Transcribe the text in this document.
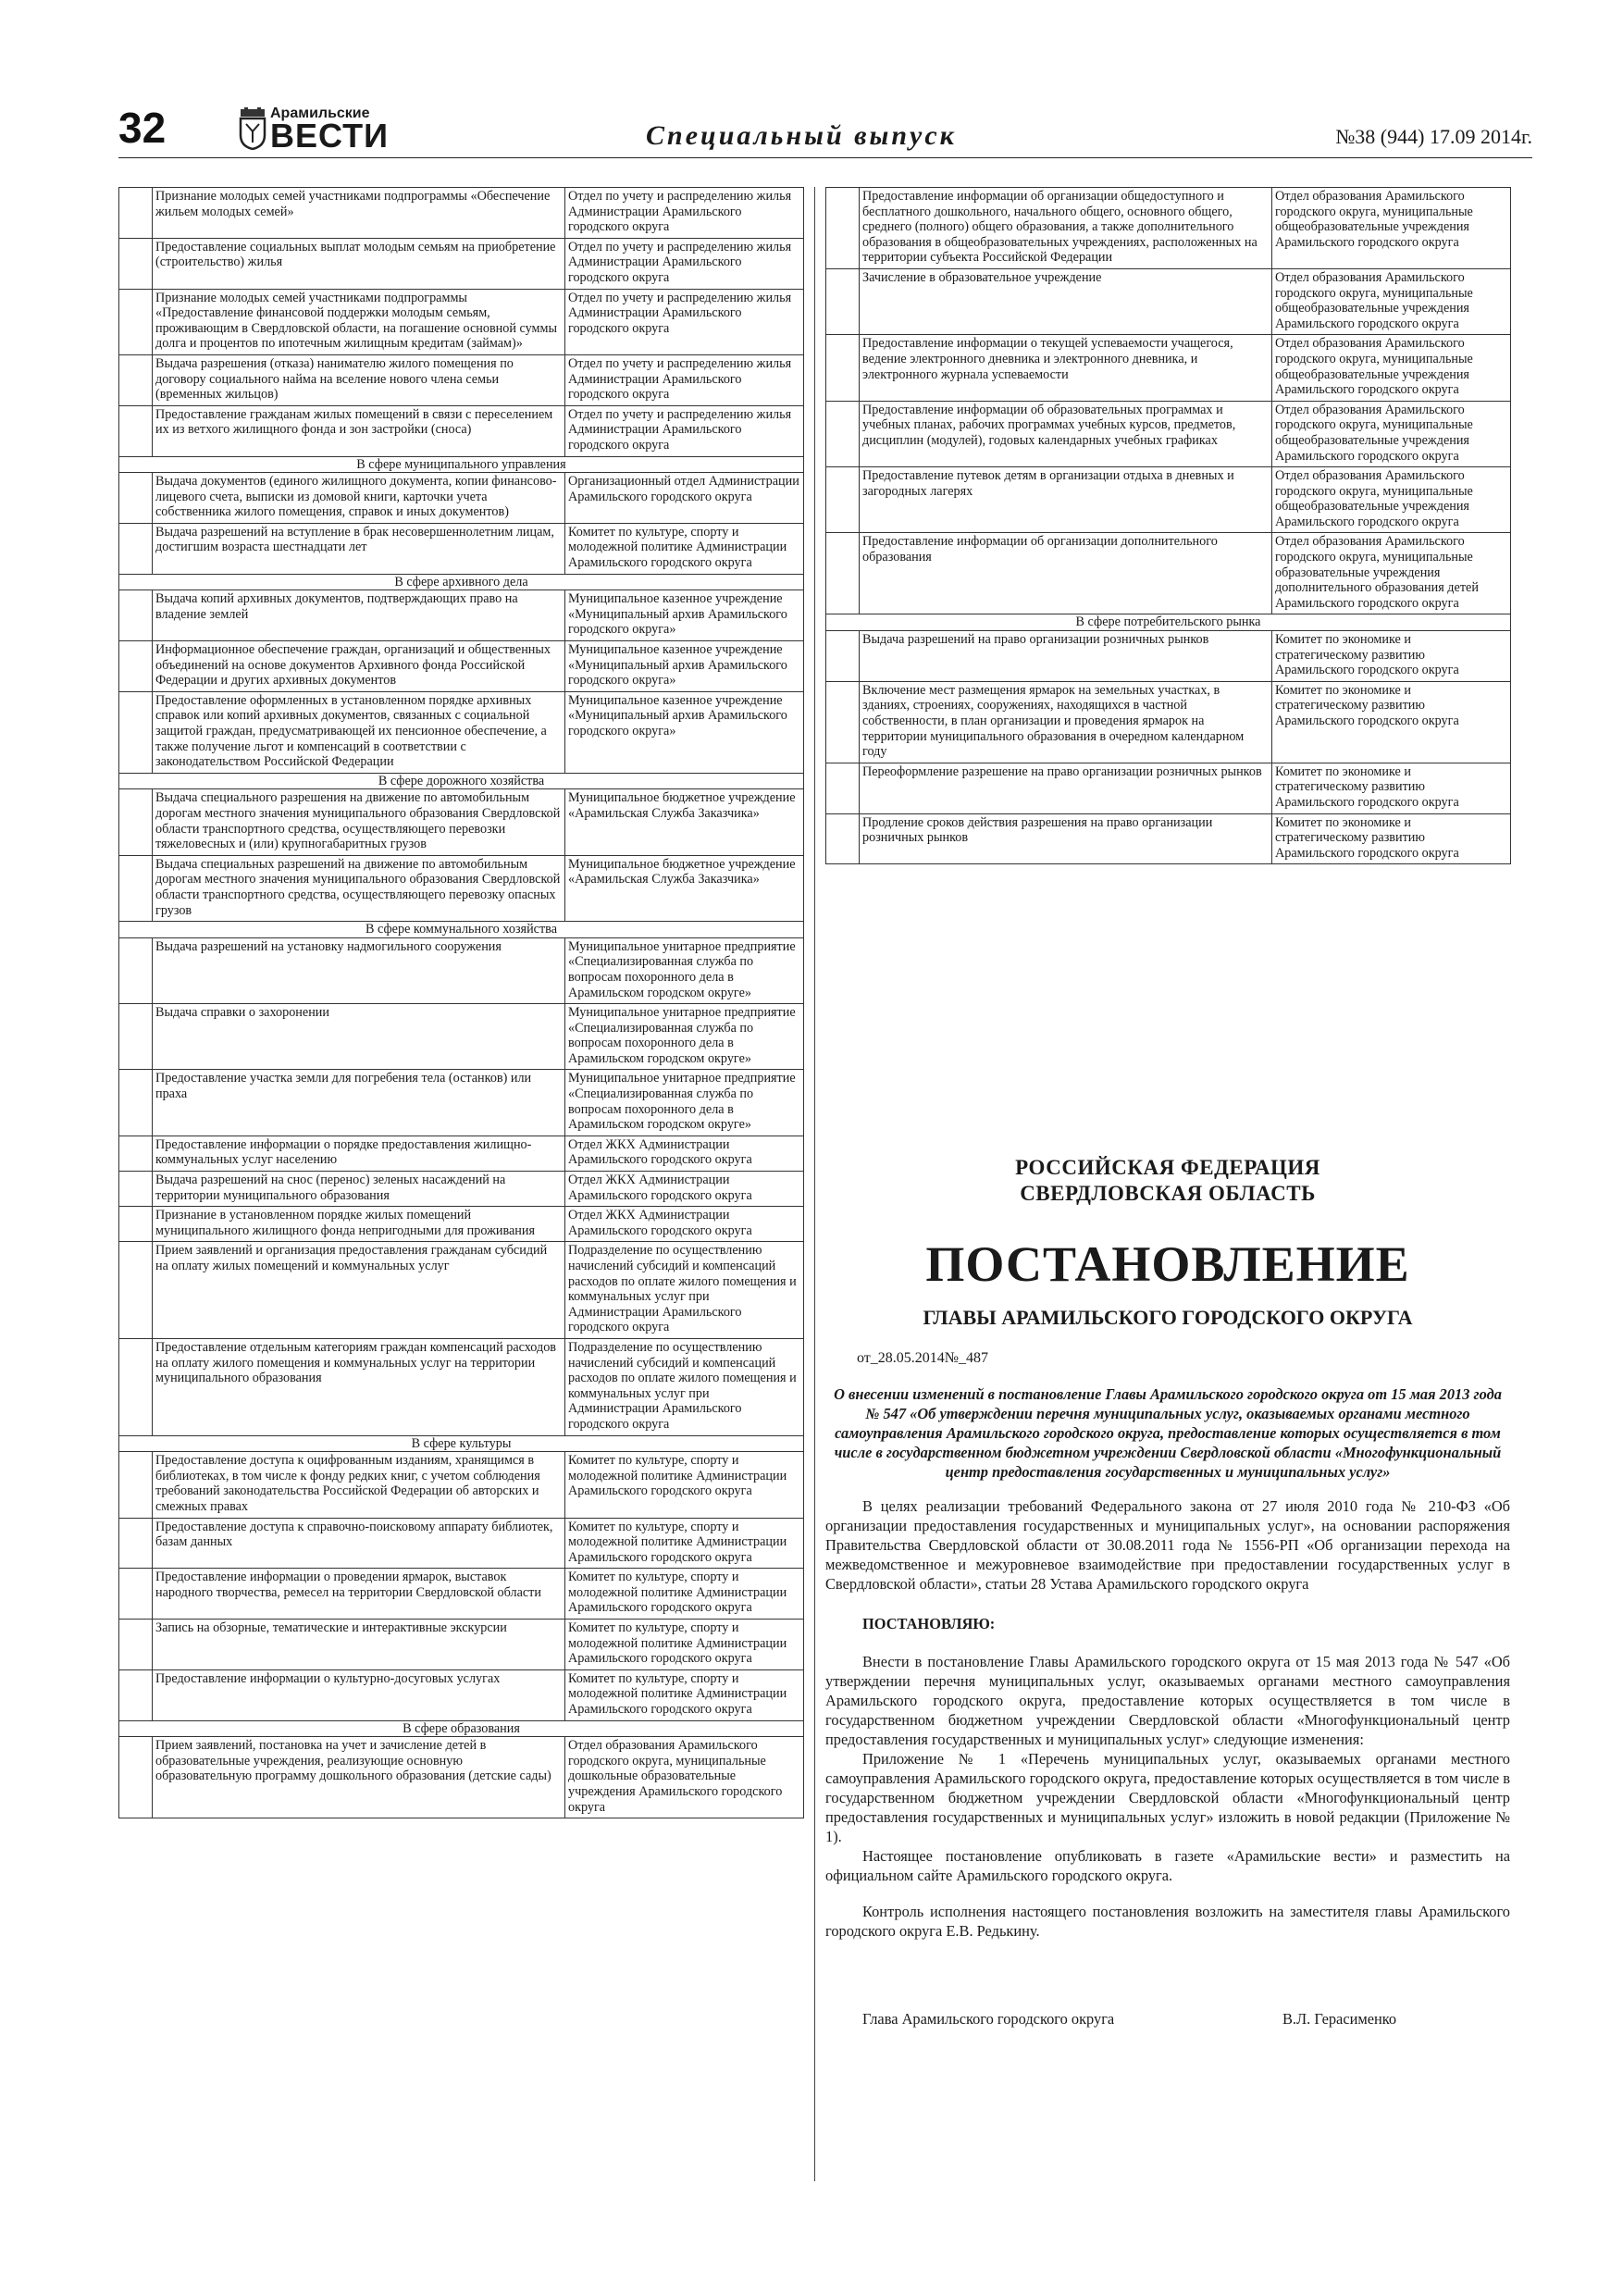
32	Арамильские
ВЕСТИ	Специальный выпуск	№38 (944) 17.09 2014г.
	Признание молодых семей участниками подпрограммы «Обеспечение жильем молодых семей»	Отдел по учету и распределению жилья Администрации Арамильского городского округа
	Предоставление социальных выплат молодым семьям на приобретение (строительство) жилья	Отдел по учету и распределению жилья Администрации Арамильского городского округа
	Признание молодых семей участниками подпрограммы «Предоставление финансовой поддержки молодым семьям, проживающим в Свердловской области, на погашение основной суммы долга и процентов по ипотечным жилищным кредитам (займам)»	Отдел по учету и распределению жилья Администрации Арамильского городского округа
	Выдача разрешения (отказа) нанимателю жилого помещения по договору социального найма на вселение нового члена семьи (временных жильцов)	Отдел по учету и распределению жилья Администрации Арамильского городского округа
	Предоставление гражданам жилых помещений в связи с переселением их из ветхого жилищного фонда и зон застройки (сноса)	Отдел по учету и распределению жилья Администрации Арамильского городского округа
В сфере муниципального управления		
	Выдача документов (единого жилищного документа, копии финансово-лицевого счета, выписки из домовой книги, карточки учета собственника жилого помещения, справок и иных документов)	Организационный отдел Администрации Арамильского городского округа
	Выдача разрешений на вступление в брак несовершеннолетним лицам, достигшим возраста шестнадцати лет	Комитет по культуре, спорту и молодежной политике Администрации Арамильского городского округа
В сфере архивного дела		
	Выдача копий архивных документов, подтверждающих право на владение землей	Муниципальное казенное учреждение «Муниципальный архив Арамильского городского округа»
	Информационное обеспечение граждан, организаций и общественных объединений на основе документов Архивного фонда Российской Федерации и других архивных документов	Муниципальное казенное учреждение «Муниципальный архив Арамильского городского округа»
	Предоставление оформленных в установленном порядке архивных справок или копий архивных документов, связанных с социальной защитой граждан, предусматривающей их пенсионное обеспечение, а также получение льгот и компенсаций в соответствии с законодательством Российской Федерации	Муниципальное казенное учреждение «Муниципальный архив Арамильского городского округа»
В сфере дорожного хозяйства		
	Выдача специального разрешения на движение по автомобильным дорогам местного значения муниципального образования Свердловской области транспортного средства, осуществляющего перевозки тяжеловесных и (или) крупногабаритных грузов	Муниципальное бюджетное учреждение «Арамильская Служба Заказчика»
	Выдача специальных разрешений на движение по автомобильным дорогам местного значения муниципального образования Свердловской области транспортного средства, осуществляющего перевозку опасных грузов	Муниципальное бюджетное учреждение «Арамильская Служба Заказчика»
В сфере коммунального хозяйства		
	Выдача разрешений на установку надмогильного сооружения	Муниципальное унитарное предприятие «Специализированная служба по вопросам похоронного дела в Арамильском городском округе»
	Выдача справки о захоронении	Муниципальное унитарное предприятие «Специализированная служба по вопросам похоронного дела в Арамильском городском округе»
	Предоставление участка земли для погребения тела (останков) или праха	Муниципальное унитарное предприятие «Специализированная служба по вопросам похоронного дела в Арамильском городском округе»
	Предоставление информации о порядке предоставления жилищно-коммунальных услуг населению	Отдел ЖКХ Администрации Арамильского городского округа
	Выдача разрешений на снос (перенос) зеленых насаждений на территории муниципального образования	Отдел ЖКХ Администрации Арамильского городского округа
	Признание в установленном порядке жилых помещений муниципального жилищного фонда непригодными для проживания	Отдел ЖКХ Администрации Арамильского городского округа
	Прием заявлений и организация предоставления гражданам субсидий на оплату жилых помещений и коммунальных услуг	Подразделение по осуществлению начислений субсидий и компенсаций расходов по оплате жилого помещения и коммунальных услуг при Администрации Арамильского городского округа
	Предоставление отдельным категориям граждан компенсаций расходов на оплату жилого помещения и коммунальных услуг на территории муниципального образования	Подразделение по осуществлению начислений субсидий и компенсаций расходов по оплате жилого помещения и коммунальных услуг при Администрации Арамильского городского округа
В сфере культуры		
	Предоставление доступа к оцифрованным изданиям, хранящимся в библиотеках, в том числе к фонду редких книг, с учетом соблюдения требований законодательства Российской Федерации об авторских и смежных правах	Комитет по культуре, спорту и молодежной политике Администрации Арамильского городского округа
	Предоставление доступа к справочно-поисковому аппарату библиотек, базам данных	Комитет по культуре, спорту и молодежной политике Администрации Арамильского городского округа
	Предоставление информации о проведении ярмарок, выставок народного творчества, ремесел на территории Свердловской области	Комитет по культуре, спорту и молодежной политике Администрации Арамильского городского округа
	Запись на обзорные, тематические и интерактивные экскурсии	Комитет по культуре, спорту и молодежной политике Администрации Арамильского городского округа
	Предоставление информации о культурно-досуговых услугах	Комитет по культуре, спорту и молодежной политике Администрации Арамильского городского округа
В сфере образования		
	Прием заявлений, постановка на учет и зачисление детей в образовательные учреждения, реализующие основную образовательную программу дошкольного образования (детские сады)	Отдел образования Арамильского городского округа, муниципальные дошкольные образовательные учреждения Арамильского городского округа
	Предоставление информации об организации общедоступного и бесплатного дошкольного, начального общего, основного общего, среднего (полного) общего образования, а также дополнительного образования в общеобразовательных учреждениях, расположенных на территории субъекта Российской Федерации	Отдел образования Арамильского городского округа, муниципальные общеобразовательные учреждения Арамильского городского округа
	Зачисление в образовательное учреждение	Отдел образования Арамильского городского округа, муниципальные общеобразовательные учреждения Арамильского городского округа
	Предоставление информации о текущей успеваемости учащегося, ведение электронного дневника и электронного дневника, и электронного журнала успеваемости	Отдел образования Арамильского городского округа, муниципальные общеобразовательные учреждения Арамильского городского округа
	Предоставление информации об образовательных программах и учебных планах, рабочих программах учебных курсов, предметов, дисциплин (модулей), годовых календарных учебных графиках	Отдел образования Арамильского городского округа, муниципальные общеобразовательные учреждения Арамильского городского округа
	Предоставление путевок детям в организации отдыха в дневных и загородных лагерях	Отдел образования Арамильского городского округа, муниципальные общеобразовательные учреждения Арамильского городского округа
	Предоставление информации об организации дополнительного образования	Отдел образования Арамильского городского округа, муниципальные образовательные учреждения дополнительного образования детей Арамильского городского округа
В сфере потребительского рынка		
	Выдача разрешений на право организации розничных рынков	Комитет по экономике и стратегическому развитию Арамильского городского округа
	Включение мест размещения ярмарок на земельных участках, в зданиях, строениях, сооружениях, находящихся в частной собственности, в план организации и проведения ярмарок на территории муниципального образования в очередном календарном году	Комитет по экономике и стратегическому развитию Арамильского городского округа
	Переоформление разрешение на право организации розничных рынков	Комитет по экономике и стратегическому развитию Арамильского городского округа
	Продление сроков действия разрешения на право организации розничных рынков	Комитет по экономике и стратегическому развитию Арамильского городского округа
РОССИЙСКАЯ ФЕДЕРАЦИЯ
СВЕРДЛОВСКАЯ ОБЛАСТЬ
ПОСТАНОВЛЕНИЕ
ГЛАВЫ АРАМИЛЬСКОГО ГОРОДСКОГО ОКРУГА
от_28.05.2014№_487
О внесении изменений в постановление Главы Арамильского городского округа от 15 мая 2013 года № 547 «Об утверждении перечня муниципальных услуг, оказываемых органами местного самоуправления Арамильского городского округа, предоставление которых осуществляется в том числе в государственном бюджетном учреждении Свердловской области «Многофункциональный центр предоставления государственных и муниципальных услуг»
В целях реализации требований Федерального закона от 27 июля 2010 года № 210-ФЗ «Об организации предоставления государственных и муниципальных услуг», на основании распоряжения Правительства Свердловской области от 30.08.2011 года № 1556-РП «Об организации перехода на межведомственное и межуровневое взаимодействие при предоставлении государственных услуг в Свердловской области», статьи 28 Устава Арамильского городского округа
ПОСТАНОВЛЯЮ:
Внести в постановление Главы Арамильского городского округа от 15 мая 2013 года № 547 «Об утверждении перечня муниципальных услуг, оказываемых органами местного самоуправления Арамильского городского округа, предоставление которых осуществляется в том числе в государственном бюджетном учреждении Свердловской области «Многофункциональный центр предоставления государственных и муниципальных услуг» следующие изменения:
Приложение № 1 «Перечень муниципальных услуг, оказываемых органами местного самоуправления Арамильского городского округа, предоставление которых осуществляется в том числе в государственном бюджетном учреждении Свердловской области «Многофункциональный центр предоставления государственных и муниципальных услуг» изложить в новой редакции (Приложение № 1).
Настоящее постановление опубликовать в газете «Арамильские вести» и разместить на официальном сайте Арамильского городского округа.
Контроль исполнения настоящего постановления возложить на заместителя главы Арамильского городского округа Е.В. Редькину.
Глава Арамильского городского округа	В.Л. Герасименко
